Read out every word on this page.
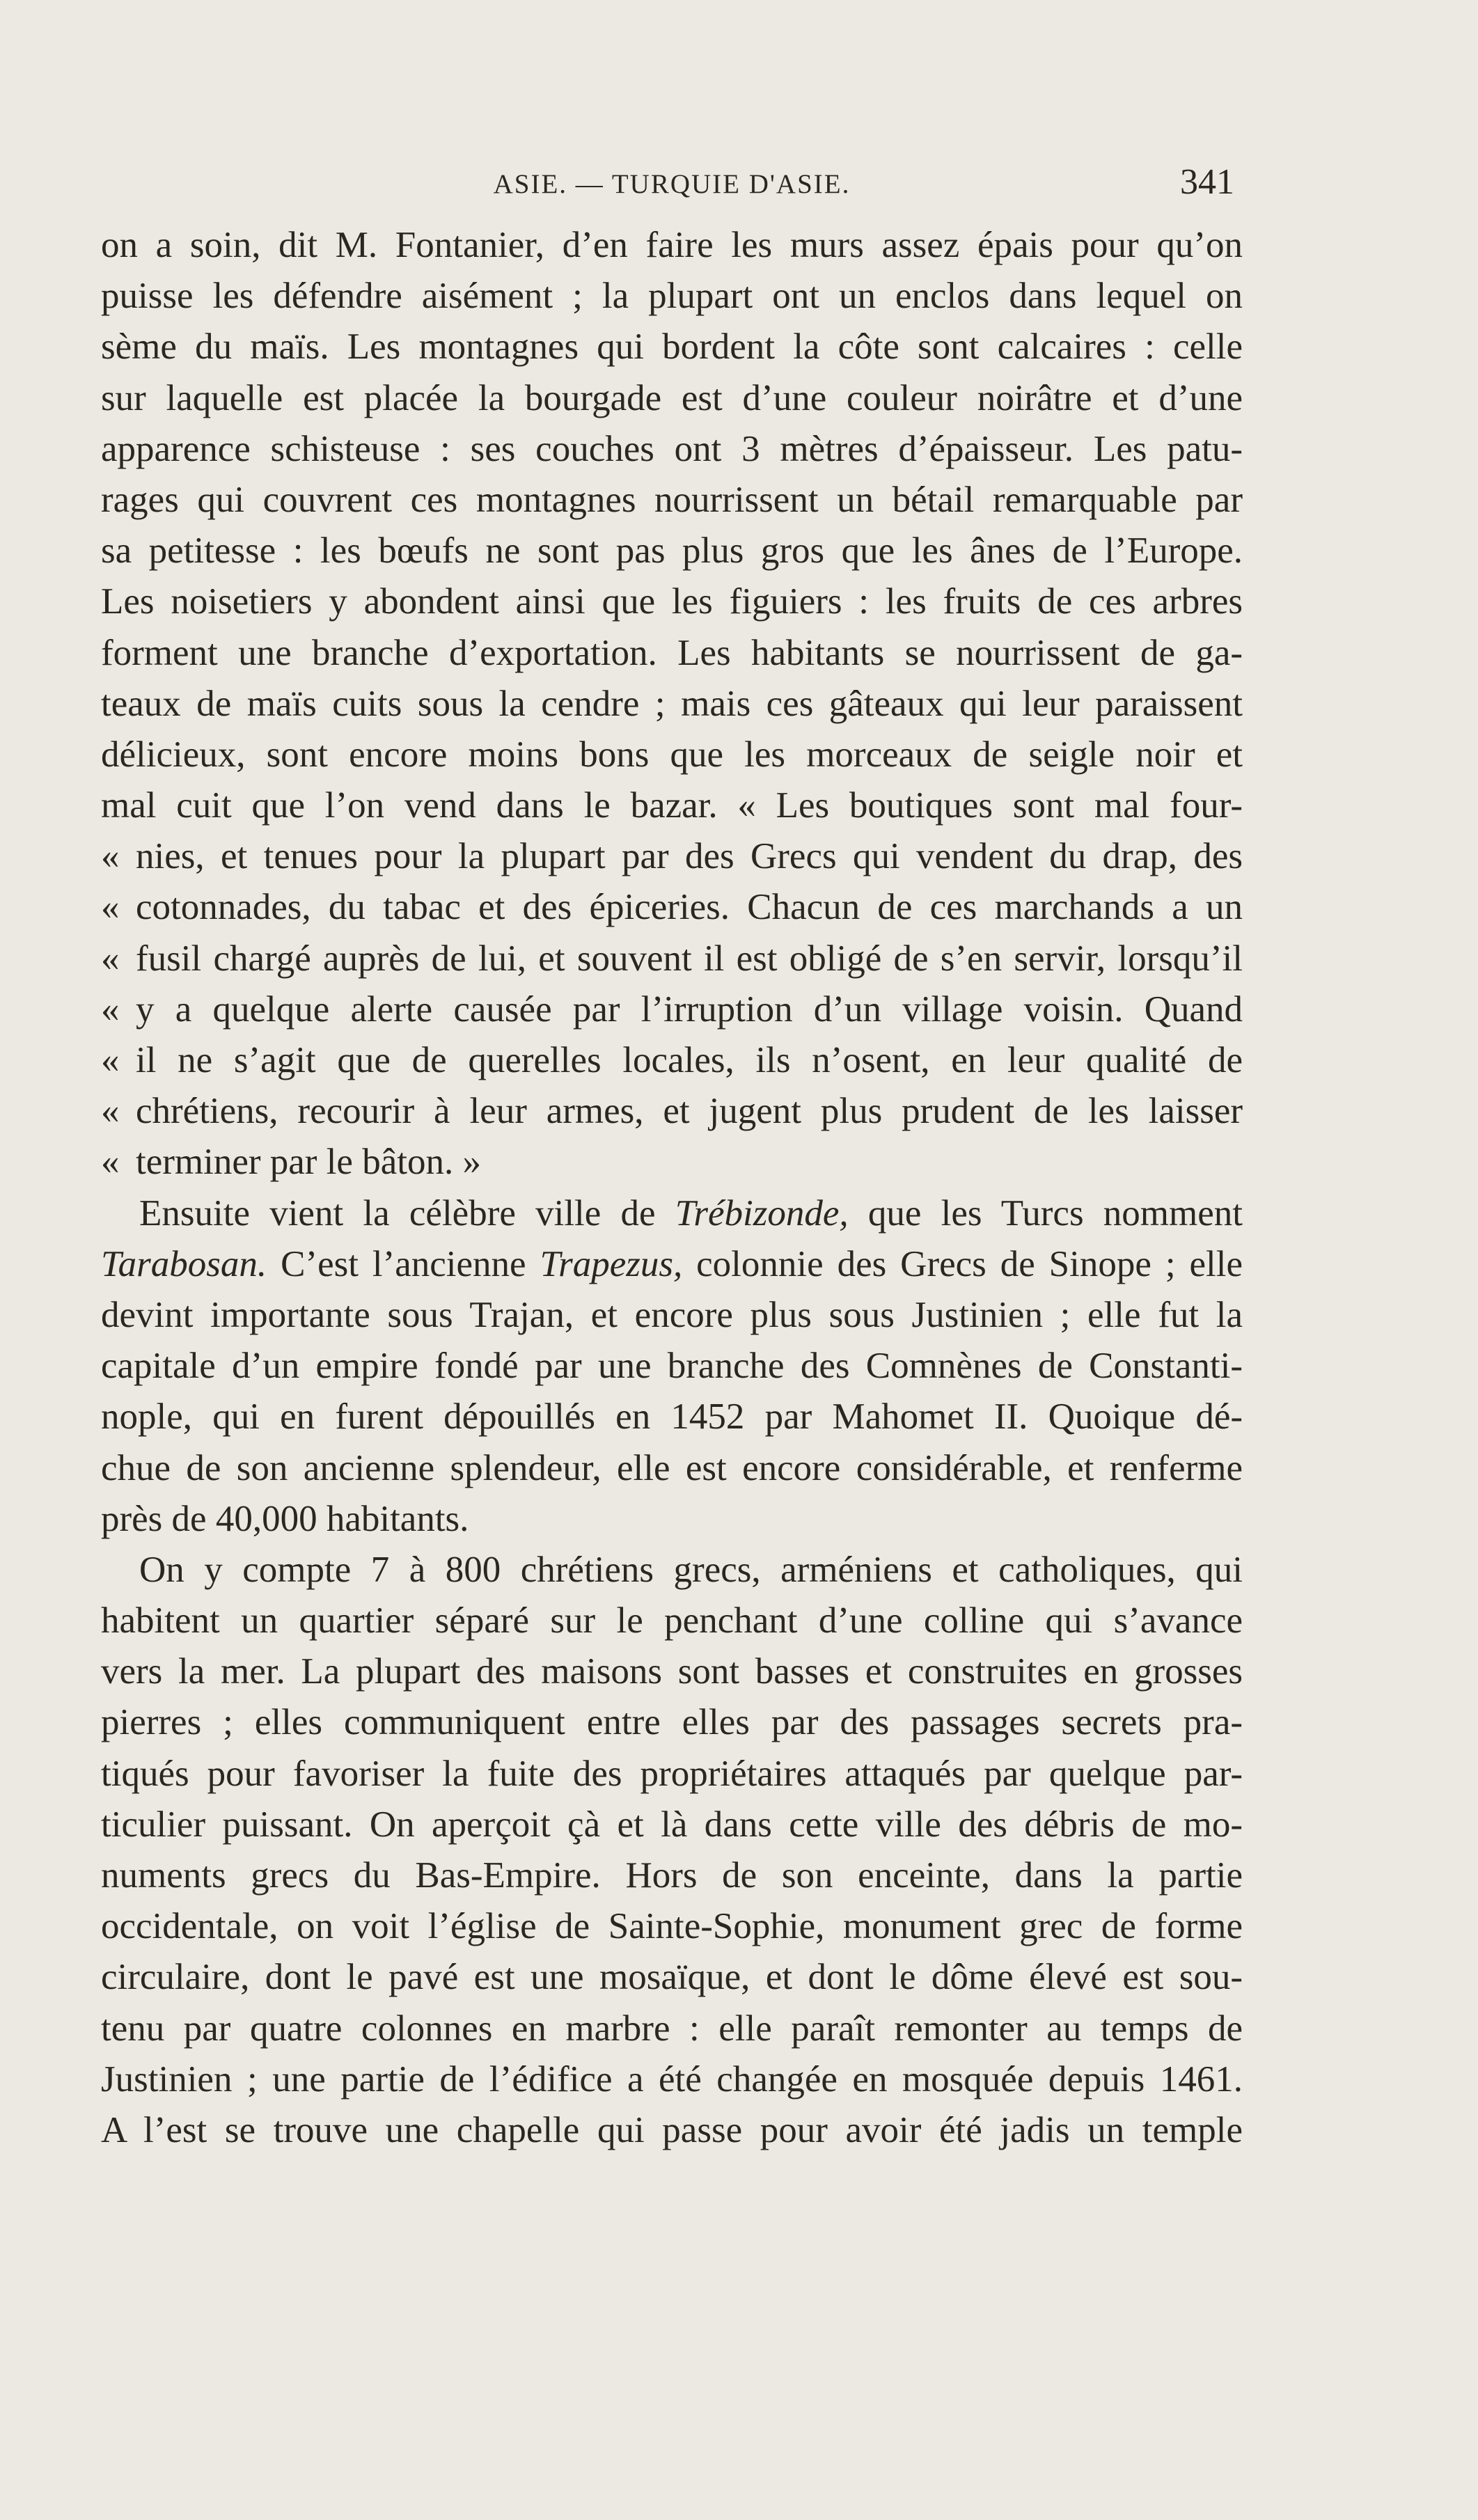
ASIE. — TURQUIE D'ASIE.	341
on a soin, dit M. Fontanier, d’en faire les murs assez épais pour qu’on
puisse les défendre aisément ; la plupart ont un enclos dans lequel on
sème du maïs. Les montagnes qui bordent la côte sont calcaires : celle
sur laquelle est placée la bourgade est d’une couleur noirâtre et d’une
apparence schisteuse : ses couches ont 3 mètres d’épaisseur. Les patu-
rages qui couvrent ces montagnes nourrissent un bétail remarquable par
sa petitesse : les bœufs ne sont pas plus gros que les ânes de l’Europe.
Les noisetiers y abondent ainsi que les figuiers : les fruits de ces arbres
forment une branche d’exportation. Les habitants se nourrissent de ga-
teaux de maïs cuits sous la cendre ; mais ces gâteaux qui leur paraissent
délicieux, sont encore moins bons que les morceaux de seigle noir et
mal cuit que l’on vend dans le bazar. « Les boutiques sont mal four-
« nies, et tenues pour la plupart par des Grecs qui vendent du drap, des
« cotonnades, du tabac et des épiceries. Chacun de ces marchands a un
« fusil chargé auprès de lui, et souvent il est obligé de s’en servir, lorsqu’il
« y a quelque alerte causée par l’irruption d’un village voisin. Quand
« il ne s’agit que de querelles locales, ils n’osent, en leur qualité de
« chrétiens, recourir à leur armes, et jugent plus prudent de les laisser
« terminer par le bâton. »
Ensuite vient la célèbre ville de Trébizonde, que les Turcs nomment
Tarabosan. C’est l’ancienne Trapezus, colonnie des Grecs de Sinope ; elle
devint importante sous Trajan, et encore plus sous Justinien ; elle fut la
capitale d’un empire fondé par une branche des Comnènes de Constanti-
nople, qui en furent dépouillés en 1452 par Mahomet II. Quoique dé-
chue de son ancienne splendeur, elle est encore considérable, et renferme
près de 40,000 habitants.
On y compte 7 à 800 chrétiens grecs, arméniens et catholiques, qui
habitent un quartier séparé sur le penchant d’une colline qui s’avance
vers la mer. La plupart des maisons sont basses et construites en grosses
pierres ; elles communiquent entre elles par des passages secrets pra-
tiqués pour favoriser la fuite des propriétaires attaqués par quelque par-
ticulier puissant. On aperçoit çà et là dans cette ville des débris de mo-
numents grecs du Bas-Empire. Hors de son enceinte, dans la partie
occidentale, on voit l’église de Sainte-Sophie, monument grec de forme
circulaire, dont le pavé est une mosaïque, et dont le dôme élevé est sou-
tenu par quatre colonnes en marbre : elle paraît remonter au temps de
Justinien ; une partie de l’édifice a été changée en mosquée depuis 1461.
A l’est se trouve une chapelle qui passe pour avoir été jadis un temple
